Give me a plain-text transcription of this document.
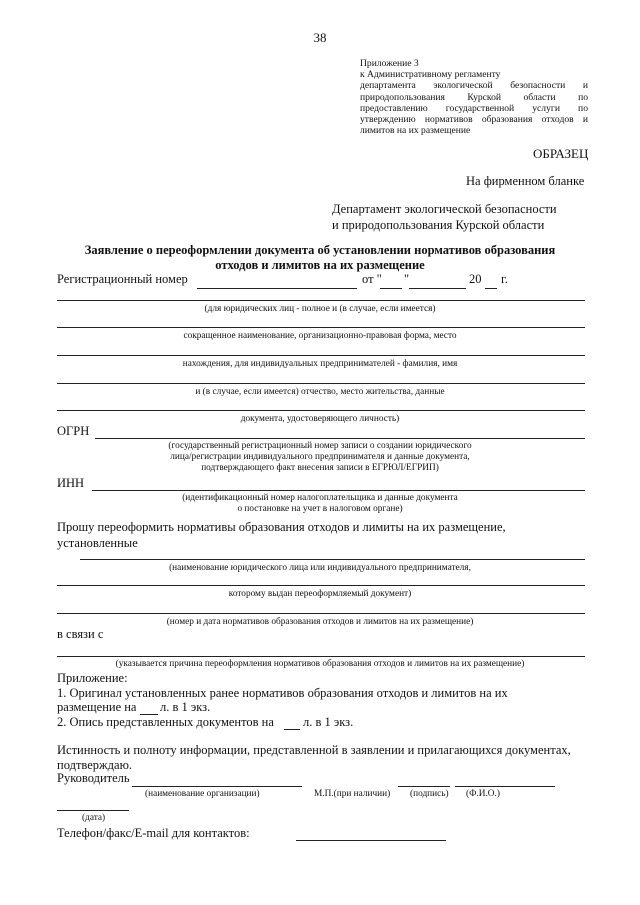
38
Приложение 3
к Административному регламенту
департамента экологической безопасности и
природопользования Курской области по
предоставлению государственной услуги по
утверждению нормативов образования отходов и
лимитов на их размещение
ОБРАЗЕЦ
На фирменном бланке
Департамент экологической безопасности
и природопользования Курской области
Заявление о переоформлении документа об установлении нормативов образования
отходов и лимитов на их размещение
Регистрационный номер	от " "	20 г.
(для юридических лиц - полное и (в случае, если имеется)
сокращенное наименование, организационно-правовая форма, место
нахождения, для индивидуальных предпринимателей - фамилия, имя
и (в случае, если имеется) отчество, место жительства, данные
документа, удостоверяющего личность)
ОГРН
(государственный регистрационный номер записи о создании юридического
лица/регистрации индивидуального предпринимателя и данные документа,
подтверждающего факт внесения записи в ЕГРЮЛ/ЕГРИП)
ИНН
(идентификационный номер налогоплательщика и данные документа
о постановке на учет в налоговом органе)
Прошу переоформить нормативы образования отходов и лимиты на их размещение,
установленные
(наименование юридического лица или индивидуального предпринимателя,
которому выдан переоформляемый документ)
(номер и дата нормативов образования отходов и лимитов на их размещение)
в связи с
(указывается причина переоформления нормативов образования отходов и лимитов на их размещение)
Приложение:
1. Оригинал установленных ранее нормативов образования отходов и лимитов на их
размещение на л. в 1 экз.
2. Опись представленных документов на л. в 1 экз.
Истинность и полноту информации, представленной в заявлении и прилагающихся документах,
подтверждаю.
Руководитель
(наименование организации)	М.П.(при наличии) (подпись) (Ф.И.О.)
(дата)
Телефон/факс/E-mail для контактов:
